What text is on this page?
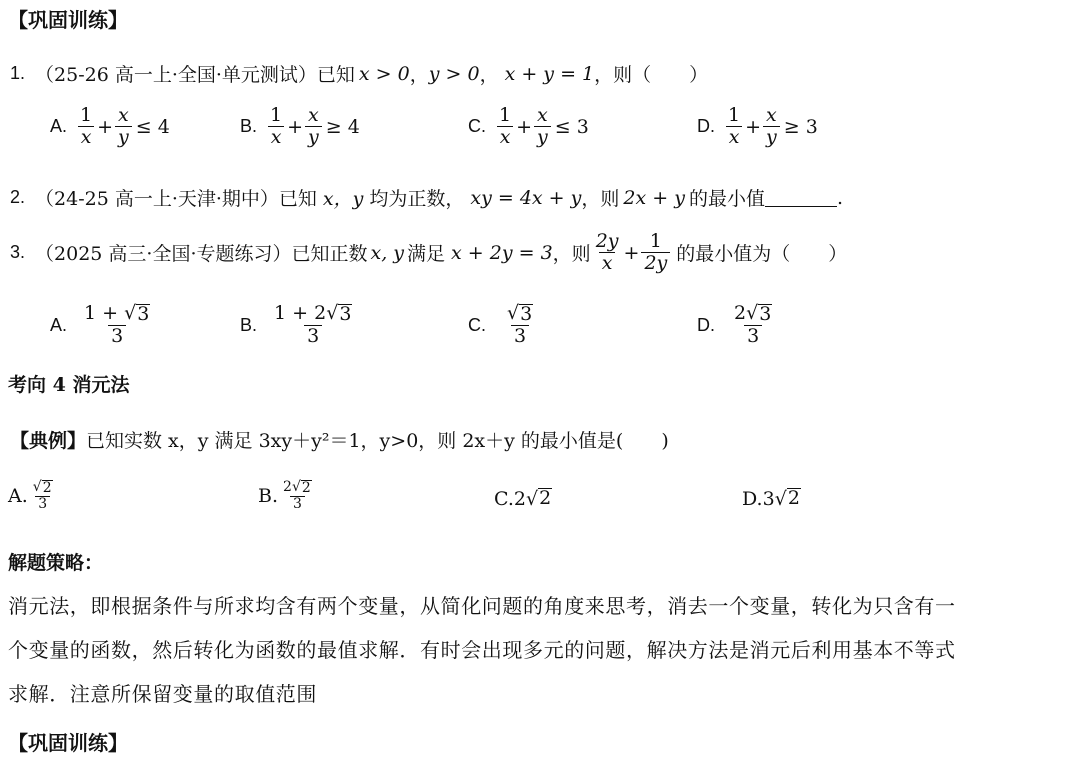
【巩固训练】
1. （25-26 高一上·全国·单元测试）已知 x > 0 ， y > 0 ， x + y = 1 ，则（　　）
A. $\frac{1}{x} + \frac{x}{y} \le 4$	B. $\frac{1}{x} + \frac{x}{y} \ge 4$	C. $\frac{1}{x} + \frac{x}{y} \le 3$	D. $\frac{1}{x} + \frac{x}{y} \ge 3$
2. （24-25 高一上·天津·期中）已知 x，y 均为正数， xy = 4x + y ，则 2x + y 的最小值	.
3. （2025 高三·全国·专题练习）已知正数 x, y 满足 x + 2y = 3 ，则 $\frac{2y}{x} + \frac{1}{2y}$ 的最小值为（　　）
A. $\frac{1 + √ 3}{3}$	B. $\frac{1 + 2 √ 3}{3}$	C. $\frac{√ 3}{3}$	D. $\frac{2 √ 3}{3}$
考向 4 消元法
【典例】 已知实数 x，y 满足 3xy＋y²＝1，y>0，则 2x＋y 的最小值是(　　)
A. $\frac{√ 2}{3}$	B. $\frac{2 √ 2}{3}$	C. 2 √ 2	D. 3 √ 2
解题策略：
消元法，即根据条件与所求均含有两个变量，从简化问题的角度来思考，消去一个变量，转化为只含有一
个变量的函数，然后转化为函数的最值求解．有时会出现多元的问题，解决方法是消元后利用基本不等式
求解．注意所保留变量的取值范围
【巩固训练】
